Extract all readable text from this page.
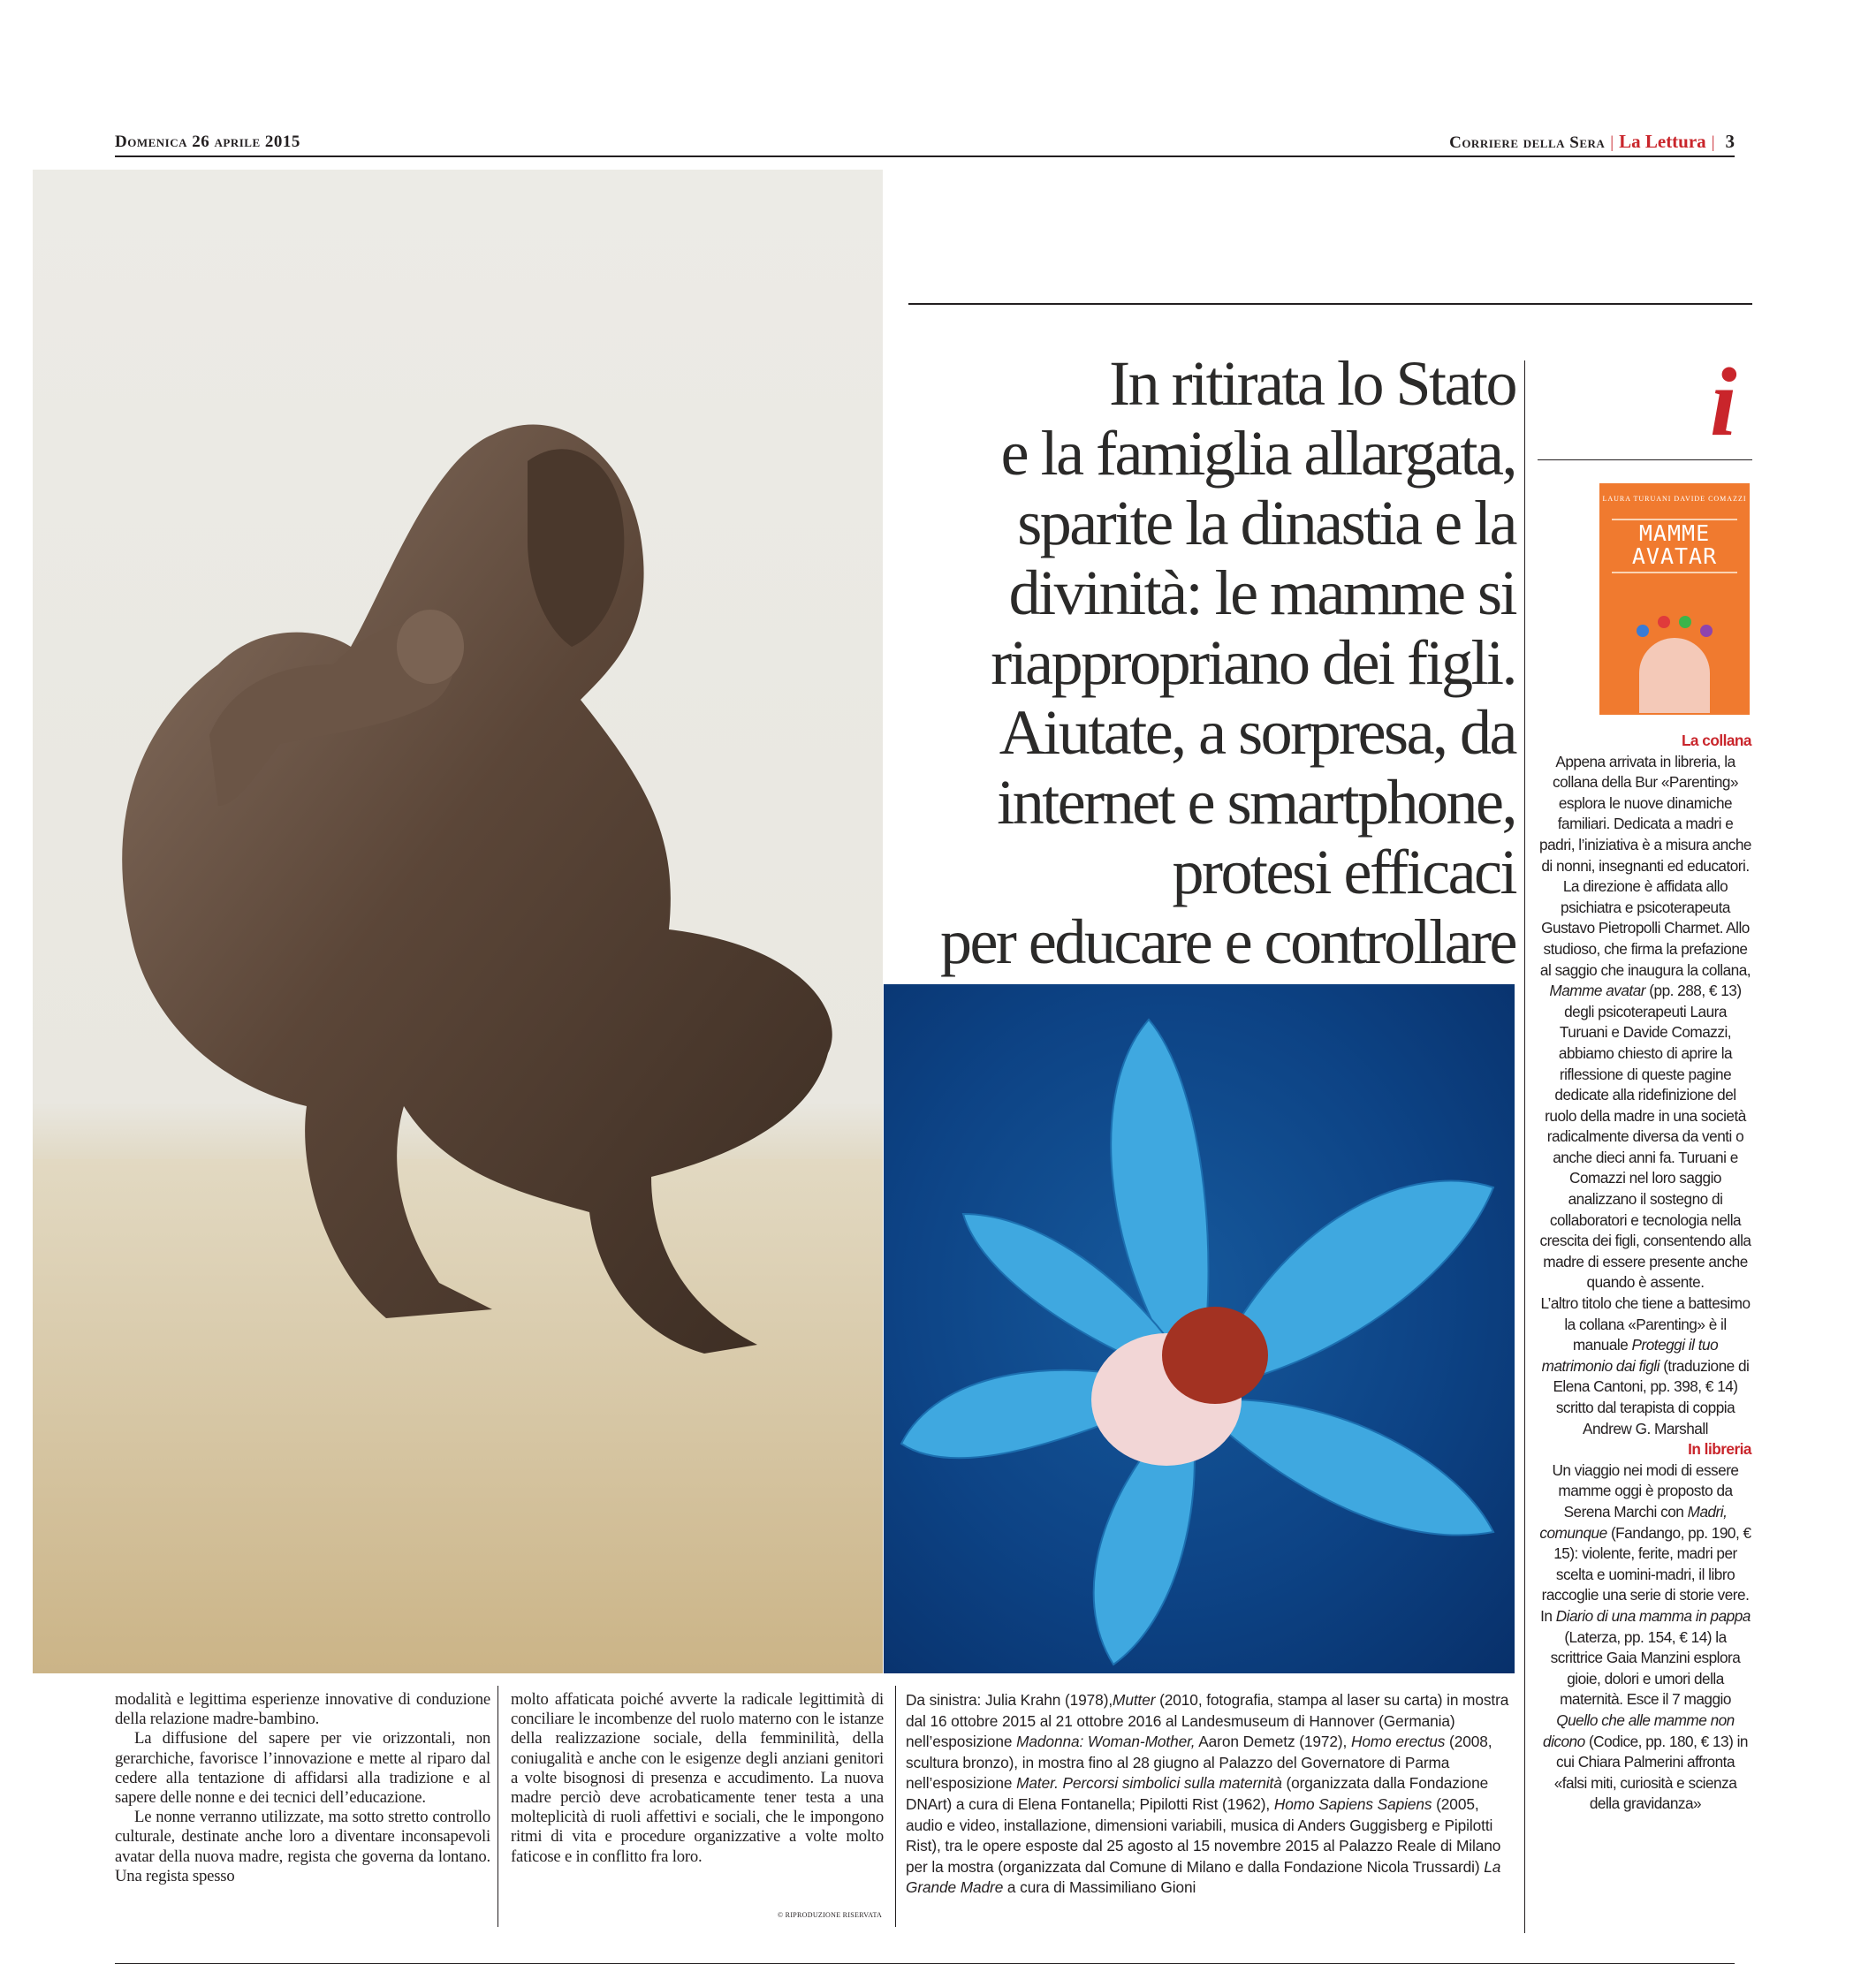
Domenica 26 aprile 2015	Corriere della Sera | La Lettura | 3
In ritirata lo Stato
e la famiglia allargata,
sparite la dinastia e la
divinità: le mamme si
riappropriano dei figli.
Aiutate, a sorpresa, da
internet e smartphone,
protesi efficaci
per educare e controllare
i
LAURA TURUANI DAVIDE COMAZZI
MAMME
AVATAR

La collana

Appena arrivata in libreria, la collana della Bur «Parenting» esplora le nuove dinamiche familiari. Dedicata a madri e padri, l’iniziativa è a misura anche di nonni, insegnanti ed educatori. La direzione è affidata allo psichiatra e psicoterapeuta Gustavo Pietropolli Charmet. Allo studioso, che firma la prefazione al saggio che inaugura la collana, Mamme avatar (pp. 288, € 13) degli psicoterapeuti Laura Turuani e Davide Comazzi, abbiamo chiesto di aprire la riflessione di queste pagine dedicate alla ridefinizione del ruolo della madre in una società radicalmente diversa da venti o anche dieci anni fa. Turuani e Comazzi nel loro saggio analizzano il sostegno di collaboratori e tecnologia nella crescita dei figli, consentendo alla madre di essere presente anche quando è assente.

L’altro titolo che tiene a battesimo la collana «Parenting» è il manuale Proteggi il tuo matrimonio dai figli (traduzione di Elena Cantoni, pp. 398, € 14) scritto dal terapista di coppia Andrew G. Marshall

In libreria

Un viaggio nei modi di essere mamme oggi è proposto da Serena Marchi con Madri, comunque (Fandango, pp. 190, € 15): violente, ferite, madri per scelta e uomini-madri, il libro raccoglie una serie di storie vere. In Diario di una mamma in pappa (Laterza, pp. 154, € 14) la scrittrice Gaia Manzini esplora gioie, dolori e umori della maternità. Esce il 7 maggio Quello che alle mamme non dicono (Codice, pp. 180, € 13) in cui Chiara Palmerini affronta «falsi miti, curiosità e scienza della gravidanza»

modalità e legittima esperienze innovative di conduzione della relazione madre-bambino.

La diffusione del sapere per vie orizzontali, non gerarchiche, favorisce l’innovazione e mette al riparo dal cedere alla tentazione di affidarsi alla tradizione e al sapere delle nonne e dei tecnici dell’educazione.

Le nonne verranno utilizzate, ma sotto stretto controllo culturale, destinate anche loro a diventare inconsapevoli avatar della nuova madre, regista che governa da lontano. Una regista spesso

molto affaticata poiché avverte la radicale legittimità di conciliare le incombenze del ruolo materno con le istanze della realizzazione sociale, della femminilità, della coniugalità e anche con le esigenze degli anziani genitori a volte bisognosi di presenza e accudimento. La nuova madre perciò deve acrobaticamente tener testa a una molteplicità di ruoli affettivi e sociali, che le impongono ritmi di vita e procedure organizzative a volte molto faticose e in conflitto fra loro.

© RIPRODUZIONE RISERVATA
Da sinistra: Julia Krahn (1978),Mutter (2010, fotografia, stampa al laser su carta) in mostra dal 16 ottobre 2015 al 21 ottobre 2016 al Landesmuseum di Hannover (Germania) nell’esposizione Madonna: Woman-Mother, Aaron Demetz (1972), Homo erectus (2008, scultura bronzo), in mostra fino al 28 giugno al Palazzo del Governatore di Parma nell’esposizione Mater. Percorsi simbolici sulla maternità (organizzata dalla Fondazione DNArt) a cura di Elena Fontanella; Pipilotti Rist (1962), Homo Sapiens Sapiens (2005, audio e video, installazione, dimensioni variabili, musica di Anders Guggisberg e Pipilotti Rist), tra le opere esposte dal 25 agosto al 15 novembre 2015 al Palazzo Reale di Milano per la mostra (organizzata dal Comune di Milano e dalla Fondazione Nicola Trussardi) La Grande Madre a cura di Massimiliano Gioni
